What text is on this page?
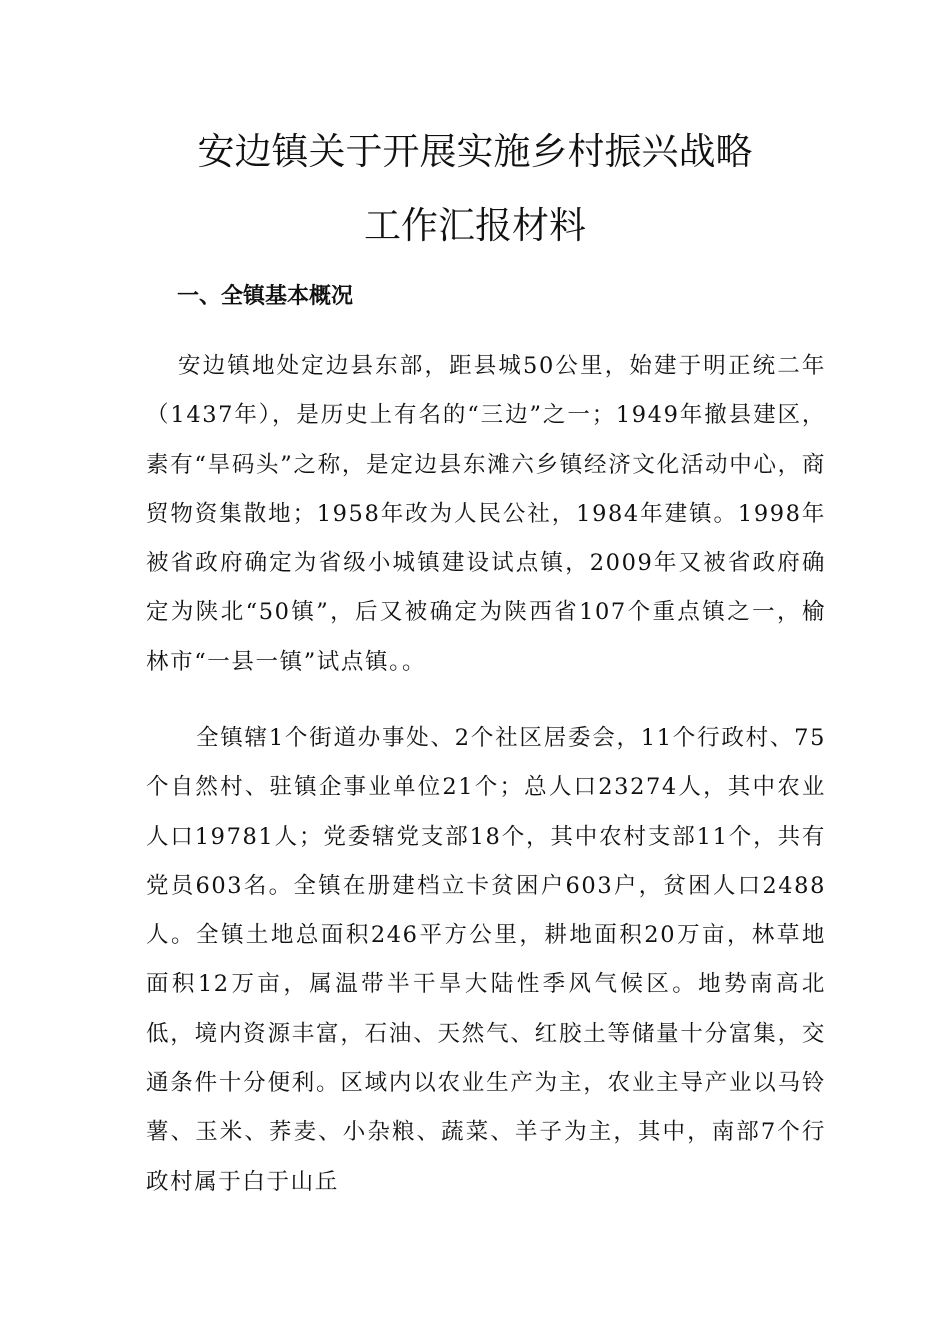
安边镇关于开展实施乡村振兴战略
工作汇报材料
一、全镇基本概况
安边镇地处定边县东部，距县城50公里，始建于明正统二年（1437年），是历史上有名的“三边”之一；1949年撤县建区，素有“旱码头”之称，是定边县东滩六乡镇经济文化活动中心，商贸物资集散地；1958年改为人民公社，1984年建镇。1998年被省政府确定为省级小城镇建设试点镇，2009年又被省政府确定为陕北“50镇”，后又被确定为陕西省107个重点镇之一，榆林市“一县一镇”试点镇。。
全镇辖1个街道办事处、2个社区居委会，11个行政村、75个自然村、驻镇企事业单位21个；总人口23274人，其中农业人口19781人；党委辖党支部18个，其中农村支部11个，共有党员603名。全镇在册建档立卡贫困户603户，贫困人口2488人。全镇土地总面积246平方公里，耕地面积20万亩，林草地面积12万亩，属温带半干旱大陆性季风气候区。地势南高北低，境内资源丰富，石油、天然气、红胶土等储量十分富集，交通条件十分便利。区域内以农业生产为主，农业主导产业以马铃薯、玉米、荞麦、小杂粮、蔬菜、羊子为主，其中，南部7个行政村属于白于山丘
